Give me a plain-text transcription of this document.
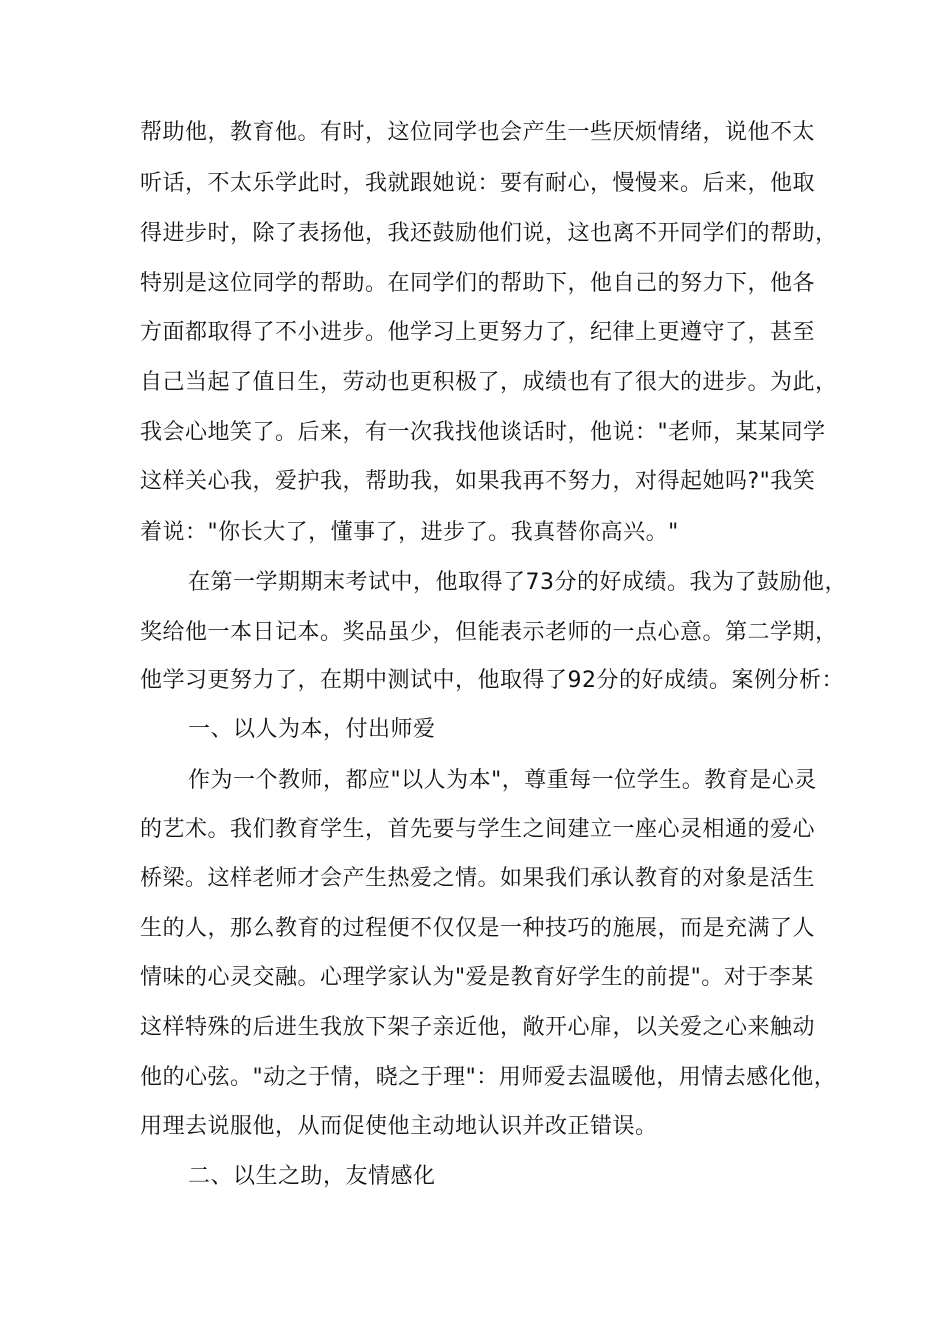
帮助他，教育他。有时，这位同学也会产生一些厌烦情绪，说他不太
听话，不太乐学此时，我就跟她说：要有耐心，慢慢来。后来，他取
得进步时，除了表扬他，我还鼓励他们说，这也离不开同学们的帮助，
特别是这位同学的帮助。在同学们的帮助下，他自己的努力下，他各
方面都取得了不小进步。他学习上更努力了，纪律上更遵守了，甚至
自己当起了值日生，劳动也更积极了，成绩也有了很大的进步。为此，
我会心地笑了。后来，有一次我找他谈话时，他说："老师，某某同学
这样关心我，爱护我，帮助我，如果我再不努力，对得起她吗?"我笑
着说："你长大了，懂事了，进步了。我真替你高兴。"
在第一学期期末考试中，他取得了73分的好成绩。我为了鼓励他，
奖给他一本日记本。奖品虽少，但能表示老师的一点心意。第二学期，
他学习更努力了，在期中测试中，他取得了92分的好成绩。案例分析：
一、以人为本，付出师爱
作为一个教师，都应"以人为本"，尊重每一位学生。教育是心灵
的艺术。我们教育学生，首先要与学生之间建立一座心灵相通的爱心
桥梁。这样老师才会产生热爱之情。如果我们承认教育的对象是活生
生的人，那么教育的过程便不仅仅是一种技巧的施展，而是充满了人
情味的心灵交融。心理学家认为"爱是教育好学生的前提"。对于李某
这样特殊的后进生我放下架子亲近他，敞开心扉，以关爱之心来触动
他的心弦。"动之于情，晓之于理"：用师爱去温暖他，用情去感化他，
用理去说服他，从而促使他主动地认识并改正错误。
二、以生之助，友情感化
